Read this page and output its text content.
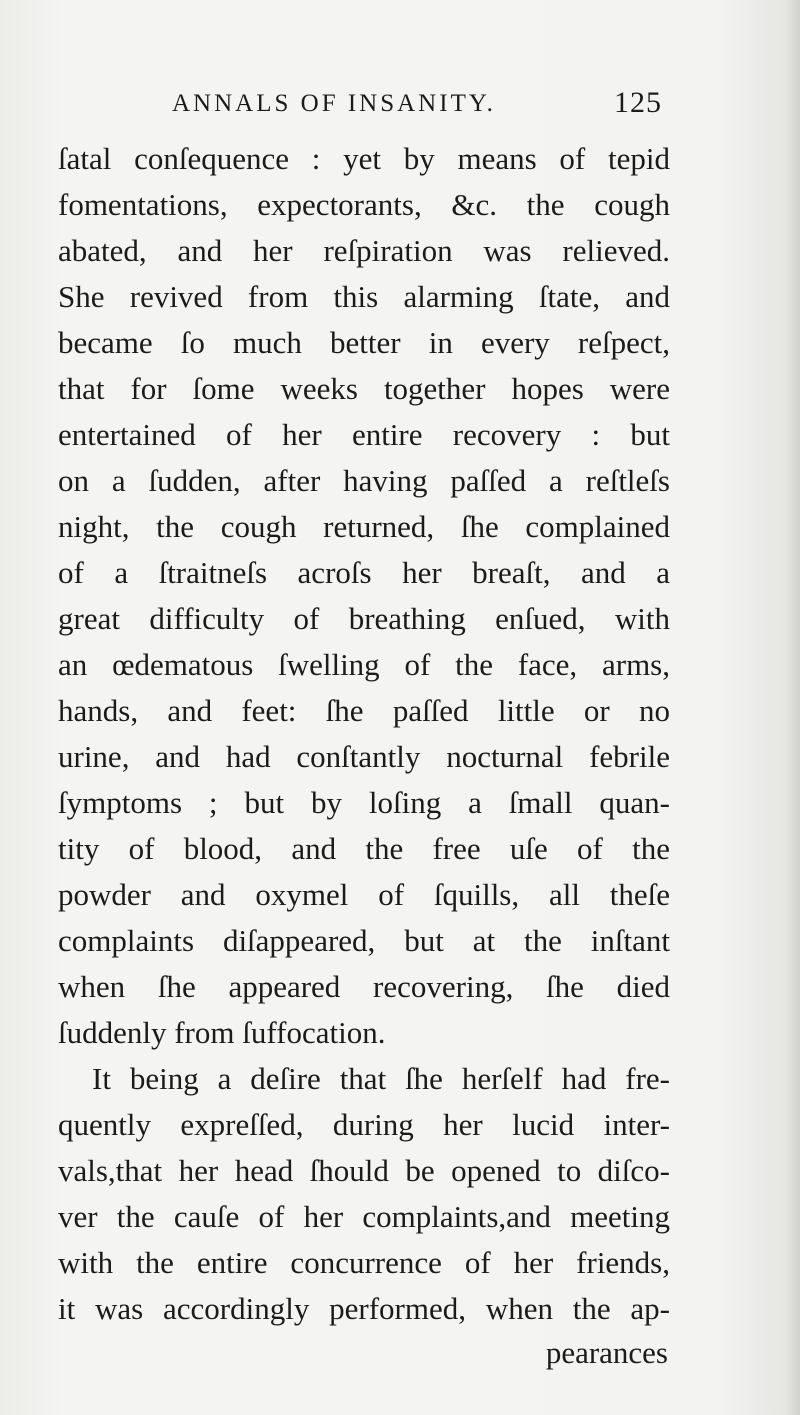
ANNALS OF INSANITY.	125
ſatal conſequence : yet by means of tepid
fomentations, expectorants, &c. the cough
abated, and her reſpiration was relieved.
She revived from this alarming ſtate, and
became ſo much better in every reſpect,
that for ſome weeks together hopes were
entertained of her entire recovery : but
on a ſudden, after having paſſed a reſtleſs
night, the cough returned, ſhe complained
of a ſtraitneſs acroſs her breaſt, and a
great difficulty of breathing enſued, with
an œdematous ſwelling of the face, arms,
hands, and feet: ſhe paſſed little or no
urine, and had conſtantly nocturnal febrile
ſymptoms ; but by loſing a ſmall quan-
tity of blood, and the free uſe of the
powder and oxymel of ſquills, all theſe
complaints diſappeared, but at the inſtant
when ſhe appeared recovering, ſhe died
ſuddenly from ſuffocation.
It being a deſire that ſhe herſelf had fre-
quently expreſſed, during her lucid inter-
vals,that her head ſhould be opened to diſco-
ver the cauſe of her complaints,and meeting
with the entire concurrence of her friends,
it was accordingly performed, when the ap-
pearances
